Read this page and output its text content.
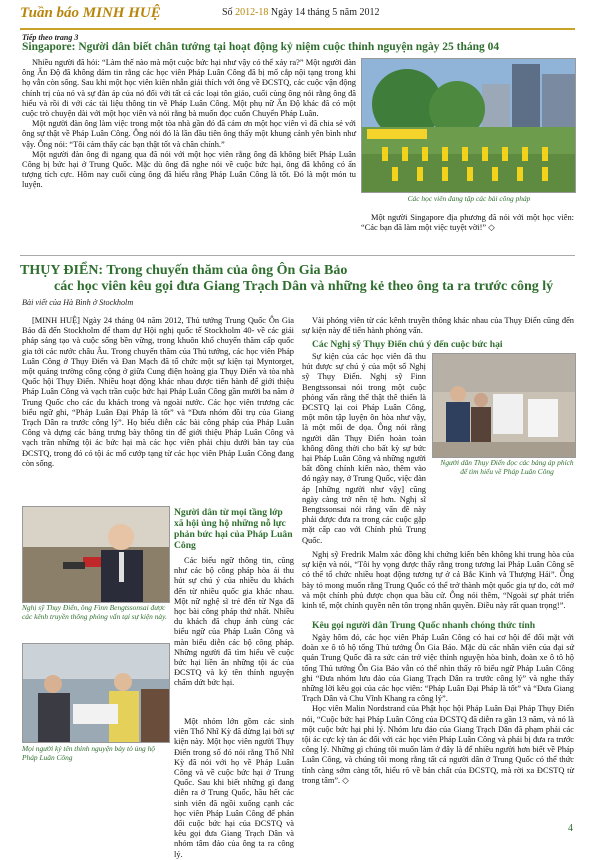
Tuần báo MINH HUỆ	Số 2012-18 Ngày 14 tháng 5 năm 2012
Tiếp theo trang 3
Singapore: Người dân biết chân tướng tại hoạt động kỷ niệm cuộc thỉnh nguyện ngày 25 tháng 04

Nhiều người đã hỏi: “Làm thế nào mà một cuộc bức hại như vậy có thể xảy ra?” Một người đàn ông Ấn Độ đã không dám tin rằng các học viên Pháp Luân Công đã bị mổ cắp nội tạng trong khi họ vẫn còn sống. Sau khi một học viên kiên nhẫn giải thích với ông về ĐCSTQ, các cuộc vận động chính trị của nó và sự đàn áp của nó đối với tất cả các loại tôn giáo, cuối cùng ông nói rằng ông đã hiểu và rồi đi với các tài liệu thông tin về Pháp Luân Công. Một phụ nữ Ấn Độ khác đã có một cuộc trò chuyện dài với một học viên và nói rằng bà muốn đọc cuốn Chuyển Pháp Luân.

Một người đàn ông làm việc trong một tòa nhà gần đó đã cảm ơn một học viên vì đã chia sẻ với ông sự thật về Pháp Luân Công. Ông nói đó là lần đầu tiên ông thấy một khung cảnh yên bình như vậy. Ông nói: “Tôi cảm thấy các bạn thật tốt và chân chính.”

Một người đàn ông đi ngang qua đã nói với một học viên rằng ông đã không biết Pháp Luân Công bị bức hại ở Trung Quốc. Mặc dù ông đã nghe nói về cuộc bức hại, ông đã không có ấn tượng tích cực. Hôm nay cuối cùng ông đã hiểu rằng Pháp Luân Công là tốt. Đó là một món tu luyện.

Các học viên đang tập các bài công pháp

Một người Singapore địa phương đã nói với một học viên: “Các bạn đã làm một việc tuyệt vời!” ◇

THỤY ĐIỂN: Trong chuyến thăm của ông Ôn Gia Bảo
các học viên kêu gọi đưa Giang Trạch Dân và những kẻ theo ông ta ra trước công lý
Bài viết của Hà Bình ở Stockholm

[MINH HUỆ] Ngày 24 tháng 04 năm 2012, Thủ tướng Trung Quốc Ôn Gia Bảo đã đến Stockholm để tham dự Hội nghị quốc tế Stockholm 40- về các giải pháp sáng tạo và cuộc sống bền vững, trong khuôn khổ chuyến thăm cấp quốc gia tới các nước châu Âu. Trong chuyến thăm của Thủ tướng, các học viên Pháp Luân Công ở Thụy Điển và Đan Mạch đã tổ chức một sự kiện tại Myntorget, một quảng trường công cộng ở giữa Cung điện hoàng gia Thụy Điển và tòa nhà Quốc hội Thụy Điển. Nhiều hoạt động khác nhau được tiến hành để giới thiệu Pháp Luân Công và vạch trần cuộc bức hại Pháp Luân Công gần mười ba năm ở Trung Quốc cho các du khách trong và ngoài nước. Các học viên trương các biểu ngữ ghi, “Pháp Luân Đại Pháp là tốt” và “Đưa nhóm đồi trụ của Giang Trạch Dân ra trước công lý”. Họ biểu diễn các bài công pháp của Pháp Luân Công và dựng các bảng trưng bày thông tin để giới thiệu Pháp Luân Công và vạch trần những tội ác bức hại mà các học viên phải chịu dưới bàn tay của ĐCSTQ, trong đó có tội ác mổ cướp tạng từ các học viên Pháp Luân Công đang còn sống.

Nghị sỹ Thụy Điển, ông Finn Bengtssonsai được các kênh truyền thông phỏng vấn tại sự kiện này.
Người dân từ mọi tầng lớp xã hội ủng hộ những nỗ lực phản bức hại của Pháp Luân Công

Các biểu ngữ thông tin, cũng như các bộ công pháp hòa ái thu hút sự chú ý của nhiều du khách đến từ nhiều quốc gia khác nhau. Một nữ nghệ sĩ trẻ đến từ Nga đã học bài công pháp thứ nhất. Nhiều du khách đã chụp ảnh cùng các biểu ngữ của Pháp Luân Công và màn biểu diễn các bộ công pháp. Những người đã tìm hiểu về cuộc bức hại liền ăn những tội ác của ĐCSTQ và ký tên thỉnh nguyện chấm dứt bức hại.

Mọi người ký tên thỉnh nguyện bày tỏ ủng hộ Pháp Luân Công

Một nhóm lớn gồm các sinh viên Thổ Nhĩ Kỳ đã dừng lại bởi sự kiện này. Một học viên người Thụy Điển trong số đó nói rằng Thổ Nhĩ Kỳ đã nói với họ về Pháp Luân Công và về cuộc bức hại ở Trung Quốc. Sau khi biết những gì đang diễn ra ở Trung Quốc, hầu hết các sinh viên đã ngồi xuống cạnh các học viên Pháp Luân Công để phản đối cuộc bức hại của ĐCSTQ và kêu gọi đưa Giang Trạch Dân và nhóm tâm đảo của ông ta ra công lý.

Vài phóng viên từ các kênh truyền thông khác nhau của Thụy Điển cũng đến sự kiện này để tiến hành phỏng vấn.

Các Nghị sỹ Thụy Điển chú ý đến cuộc bức hại

Sự kiện của các học viên đã thu hút được sự chú ý của một số Nghị sỹ Thụy Điển. Nghị sỹ Finn Bengtssonsai nói trong một cuộc phỏng vấn rằng thế thật thê thiến là ĐCSTQ lại coi Pháp Luân Công, một môn tập luyện ôn hòa như vậy, là một mối đe dọa. Ông nói rằng người dân Thụy Điển hoàn toàn không đồng thời cho bất kỳ sự bức hại Pháp Luân Công và những người bất đồng chính kiến nào, thêm vào đó ngày nay, ở Trung Quốc, việc đàn áp [những người như vậy] cũng ngày càng trở nên tệ hơn. Nghị sĩ Bengtssonsai nói rằng vấn đề này phải được đưa ra trong các cuộc gặp mặt cấp cao với Chính phủ Trung Quốc.

Người dân Thụy Điển đọc các bảng áp phích để tìm hiểu về Pháp Luân Công

Nghị sỹ Fredrik Malm xác đồng khi chứng kiến bên không khi trung hòa của sự kiện và nói, “Tôi hy vọng được thấy rằng trong tương lai Pháp Luân Công sẽ có thể tổ chức nhiều hoạt động tương tự ở cả Bắc Kinh và Thượng Hải”. Ông bày tỏ mong muốn rằng Trung Quốc có thể trở thành một quốc gia tự do, cởi mở và một chính phủ được chọn qua bầu cử. Ông nói thêm, “Ngoài sự phát triển kinh tế, một chính quyền nên tôn trọng nhân quyền. Điều này rất quan trọng!”.

Kêu gọi người dân Trung Quốc nhanh chóng thức tỉnh

Ngày hôm đó, các học viên Pháp Luân Công có hai cơ hội để đối mặt với đoàn xe ô tô hộ tống Thủ tướng Ôn Gia Bảo. Mặc dù các nhân viên của đại sứ quán Trung Quốc đã ra sức cản trở việc thỉnh nguyện hòa bình, đoàn xe ô tô hộ tống Thủ tướng Ôn Gia Bảo vẫn có thể nhìn thấy rõ biểu ngữ Pháp Luân Công ghi “Đưa nhóm lưu đảo của Giang Trạch Dân ra trước công lý” và nghe thấy những lời kêu gọi của các học viên: “Pháp Luân Đại Pháp là tốt” và “Đưa Giang Trạch Dân và Chu Vĩnh Khang ra công lý”.

Học viên Malin Nordstrand của Phật học hội Pháp Luân Đại Pháp Thụy Điển nói, “Cuộc bức hại Pháp Luân Công của ĐCSTQ đã diễn ra gần 13 năm, và nó là một cuộc bức hại phi lý. Nhóm lưu đảo của Giang Trạch Dân đã phạm phải các tội ác cực kỳ tàn ác đối với các học viên Pháp Luân Công và phải bị đưa ra trước công lý. Những gì chúng tôi muốn làm ở đây là để nhiều người hơn biết về Pháp Luân Công, và chúng tôi mong rằng tất cả người dân ở Trung Quốc có thể thức tỉnh càng sớm càng tốt, hiểu rõ về bản chất của ĐCSTQ, mà rời xa ĐCSTQ từ trong tâm”. ◇

4
